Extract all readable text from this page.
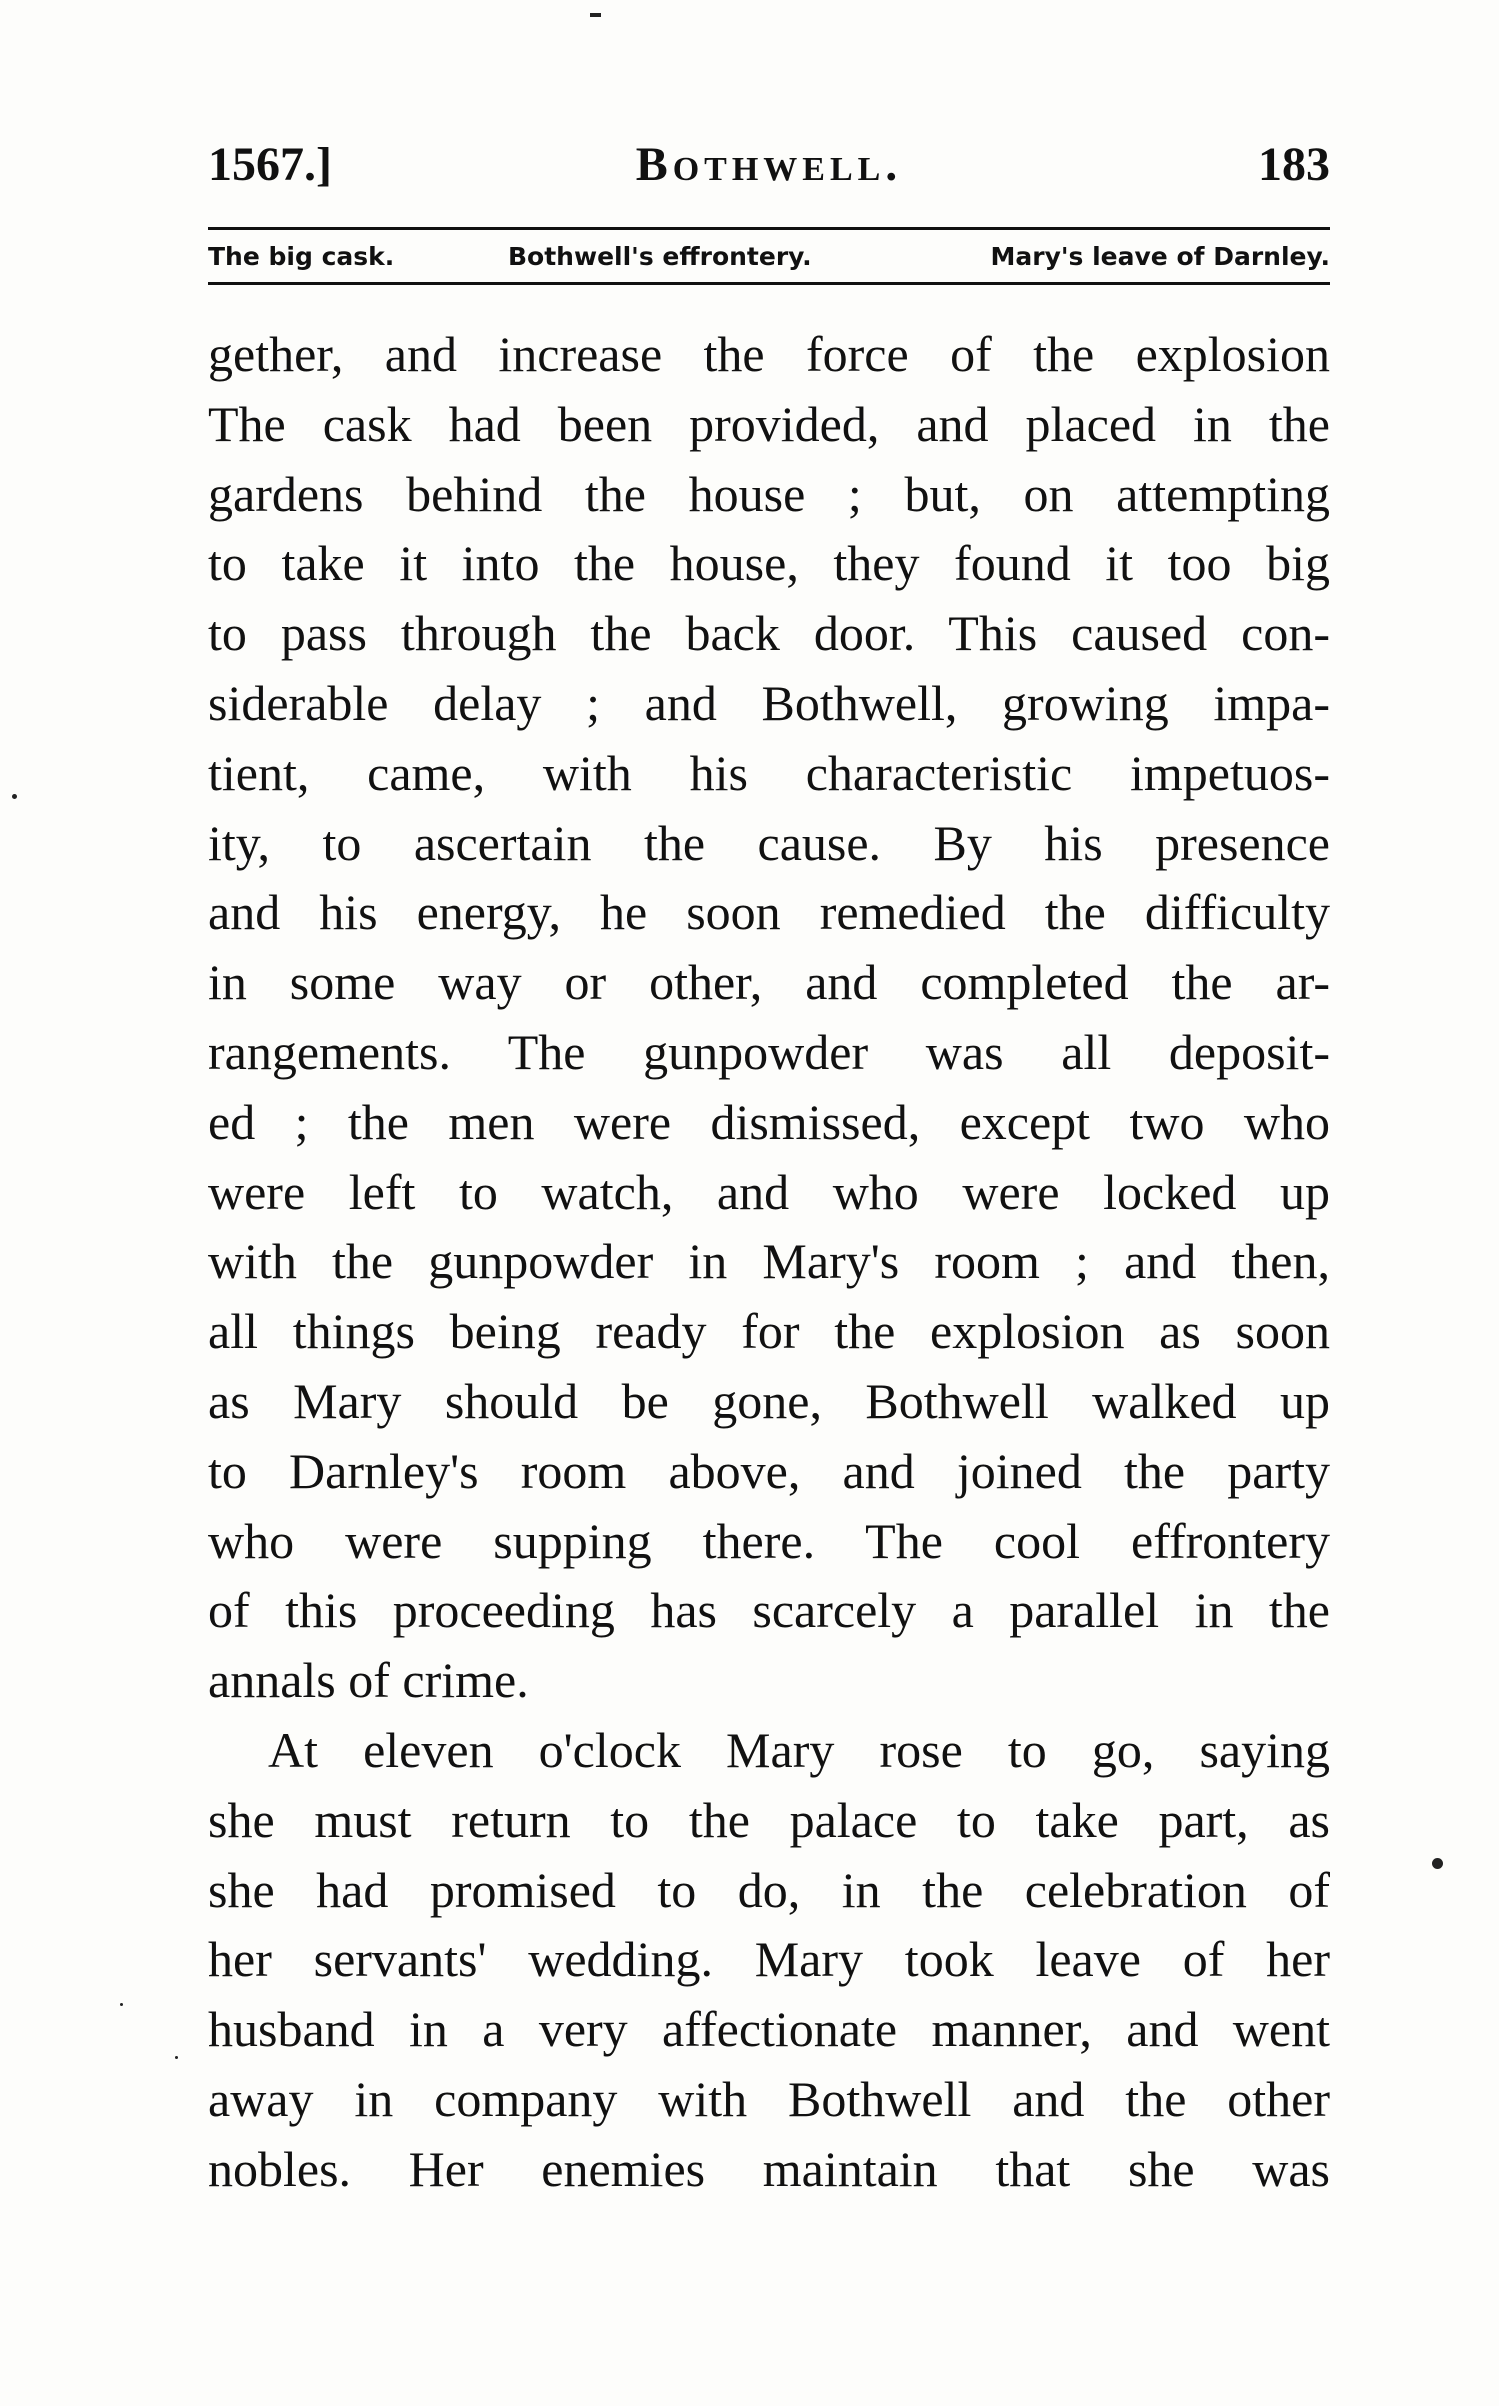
1567.]	Bothwell.	183
The big cask.	Bothwell's effrontery.	Mary's leave of Darnley.
gether, and increase the force of the explosion
The cask had been provided, and placed in the
gardens behind the house ; but, on attempting
to take it into the house, they found it too big
to pass through the back door. This caused con-
siderable delay ; and Bothwell, growing impa-
tient, came, with his characteristic impetuos-
ity, to ascertain the cause. By his presence
and his energy, he soon remedied the difficulty
in some way or other, and completed the ar-
rangements. The gunpowder was all deposit-
ed ; the men were dismissed, except two who
were left to watch, and who were locked up
with the gunpowder in Mary's room ; and then,
all things being ready for the explosion as soon
as Mary should be gone, Bothwell walked up
to Darnley's room above, and joined the party
who were supping there. The cool effrontery
of this proceeding has scarcely a parallel in the
annals of crime.
At eleven o'clock Mary rose to go, saying
she must return to the palace to take part, as
she had promised to do, in the celebration of
her servants' wedding. Mary took leave of her
husband in a very affectionate manner, and went
away in company with Bothwell and the other
nobles. Her enemies maintain that she was
